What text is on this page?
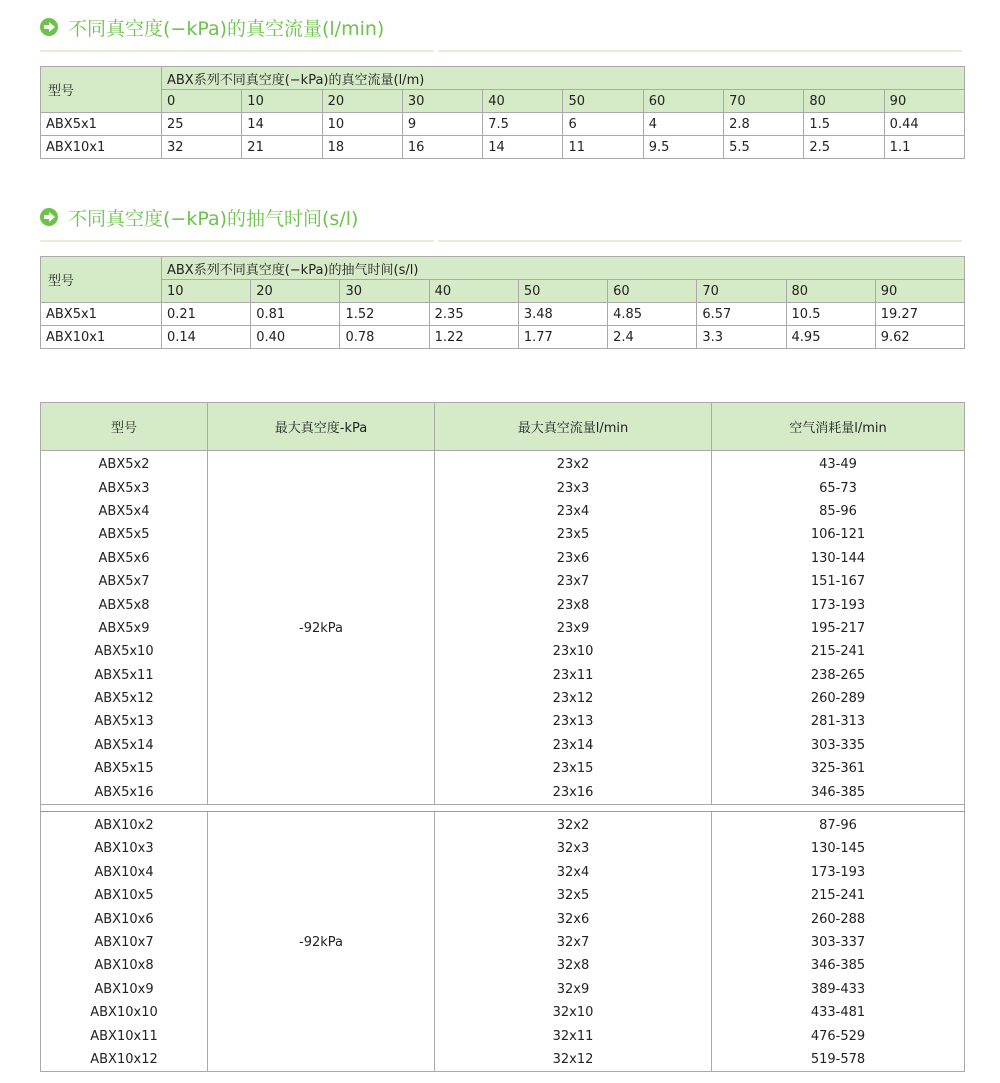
不同真空度(−kPa)的真空流量(l/min)
型号	ABX系列不同真空度(−kPa)的真空流量(l/m)									
	0	10	20	30	40	50	60	70	80	90
ABX5x1	25	14	10	9	7.5	6	4	2.8	1.5	0.44
ABX10x1	32	21	18	16	14	11	9.5	5.5	2.5	1.1
不同真空度(−kPa)的抽气时间(s/l)
型号	ABX系列不同真空度(−kPa)的抽气时间(s/l)								
	10	20	30	40	50	60	70	80	90
ABX5x1	0.21	0.81	1.52	2.35	3.48	4.85	6.57	10.5	19.27
ABX10x1	0.14	0.40	0.78	1.22	1.77	2.4	3.3	4.95	9.62
型号	最大真空度-kPa	最大真空流量l/min	空气消耗量l/min
ABX5x2	-92kPa	23x2	43-49
ABX5x3		23x3	65-73
ABX5x4		23x4	85-96
ABX5x5		23x5	106-121
ABX5x6		23x6	130-144
ABX5x7		23x7	151-167
ABX5x8		23x8	173-193
ABX5x9		23x9	195-217
ABX5x10		23x10	215-241
ABX5x11		23x11	238-265
ABX5x12		23x12	260-289
ABX5x13		23x13	281-313
ABX5x14		23x14	303-335
ABX5x15		23x15	325-361
ABX5x16		23x16	346-385

ABX10x2	-92kPa	32x2	87-96
ABX10x3		32x3	130-145
ABX10x4		32x4	173-193
ABX10x5		32x5	215-241
ABX10x6		32x6	260-288
ABX10x7		32x7	303-337
ABX10x8		32x8	346-385
ABX10x9		32x9	389-433
ABX10x10		32x10	433-481
ABX10x11		32x11	476-529
ABX10x12		32x12	519-578
